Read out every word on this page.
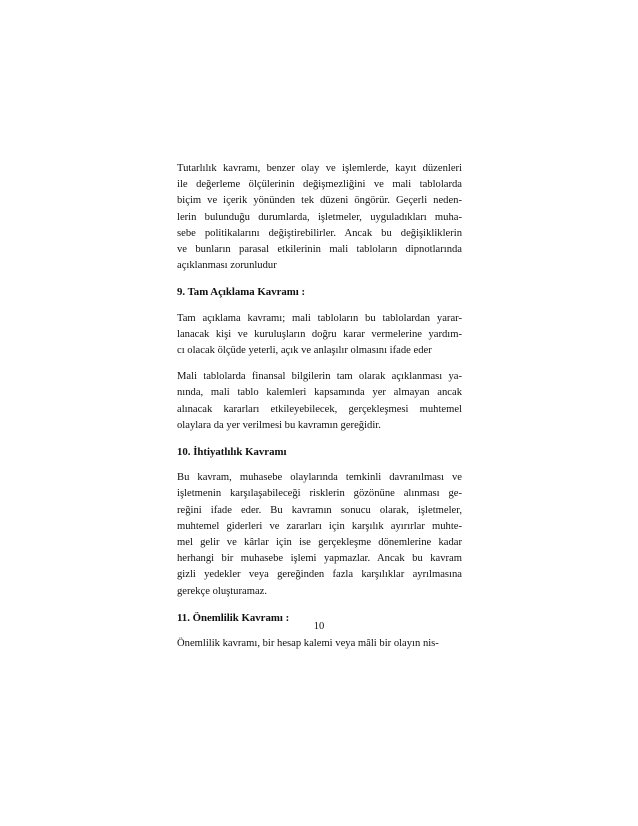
Tutarlılık kavramı, benzer olay ve işlemlerde, kayıt düzenleri
ile değerleme ölçülerinin değişmezliğini ve mali tablolarda
biçim ve içerik yönünden tek düzeni öngörür. Geçerli neden-
lerin bulunduğu durumlarda, işletmeler, uyguladıkları muha-
sebe politikalarını değiştirebilirler. Ancak bu değişikliklerin
ve bunların parasal etkilerinin mali tabloların dipnotlarında
açıklanması zorunludur
9. Tam Açıklama Kavramı :
Tam açıklama kavramı; mali tabloların bu tablolardan yarar-
lanacak kişi ve kuruluşların doğru karar vermelerine yardım-
cı olacak ölçüde yeterli, açık ve anlaşılır olmasını ifade eder
Mali tablolarda finansal bilgilerin tam olarak açıklanması ya-
nında, mali tablo kalemleri kapsamında yer almayan ancak
alınacak kararları etkileyebilecek, gerçekleşmesi muhtemel
olaylara da yer verilmesi bu kavramın gereğidir.
10. İhtiyatlılık Kavramı
Bu kavram, muhasebe olaylarında temkinli davranılması ve
işletmenin karşılaşabileceği risklerin gözönüne alınması ge-
reğini ifade eder. Bu kavramın sonucu olarak, işletmeler,
muhtemel giderleri ve zararları için karşılık ayırırlar muhte-
mel gelir ve kârlar için ise gerçekleşme dönemlerine kadar
herhangi bir muhasebe işlemi yapmazlar. Ancak bu kavram
gizli yedekler veya gereğinden fazla karşılıklar ayrılmasına
gerekçe oluşturamaz.
11. Önemlilik Kavramı :
Önemlilik kavramı, bir hesap kalemi veya mâli bir olayın nis-
10
